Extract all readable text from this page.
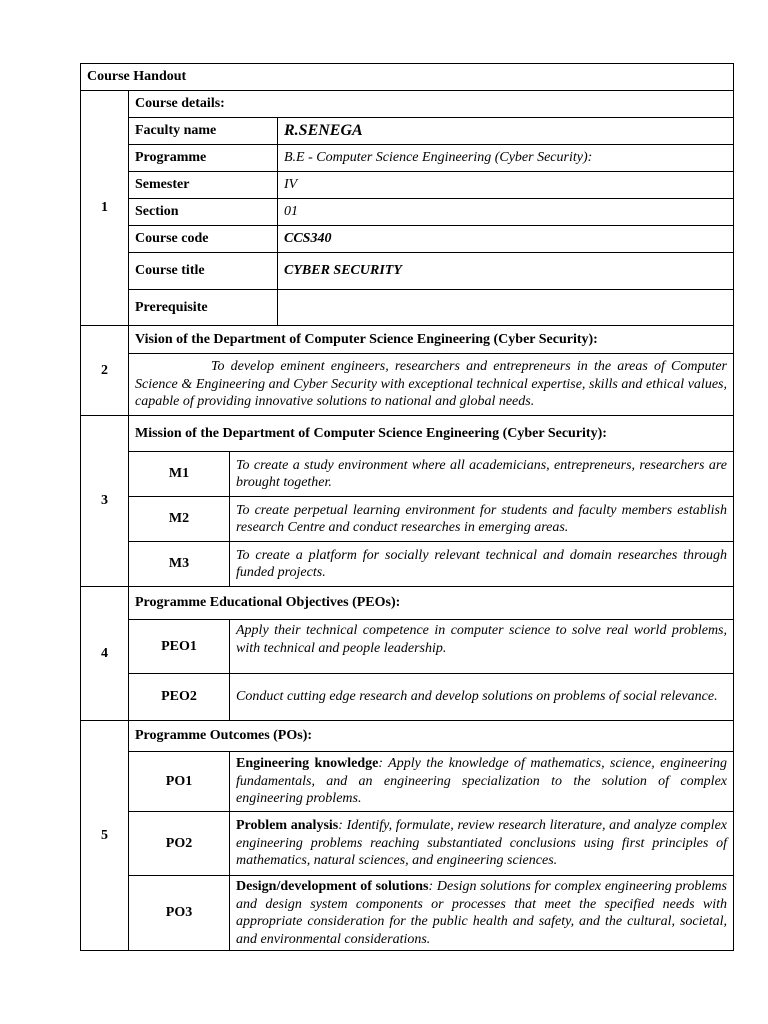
Course Handout			
1	Course details:		
	Faculty name		R.SENEGA
	Programme		B.E - Computer Science Engineering (Cyber Security):
	Semester		IV
	Section		01
	Course code		CCS340
	Course title		CYBER SECURITY
	Prerequisite		
2	Vision of the Department of Computer Science Engineering (Cyber Security):		
	To develop eminent engineers, researchers and entrepreneurs in the areas of Computer Science & Engineering and Cyber Security with exceptional technical expertise, skills and ethical values, capable of providing innovative solutions to national and global needs.		
3	Mission of the Department of Computer Science Engineering (Cyber Security):		
	M1	To create a study environment where all academicians, entrepreneurs, researchers are brought together.	
	M2	To create perpetual learning environment for students and faculty members establish research Centre and conduct researches in emerging areas.	
	M3	To create a platform for socially relevant technical and domain researches through funded projects.	
4	Programme Educational Objectives (PEOs):		
	PEO1	Apply their technical competence in computer science to solve real world problems, with technical and people leadership.	
	PEO2	Conduct cutting edge research and develop solutions on problems of social relevance.	
5	Programme Outcomes (POs):		
	PO1	Engineering knowledge: Apply the knowledge of mathematics, science, engineering fundamentals, and an engineering specialization to the solution of complex engineering problems.	
	PO2	Problem analysis: Identify, formulate, review research literature, and analyze complex engineering problems reaching substantiated conclusions using first principles of mathematics, natural sciences, and engineering sciences.	
	PO3	Design/development of solutions: Design solutions for complex engineering problems and design system components or processes that meet the specified needs with appropriate consideration for the public health and safety, and the cultural, societal, and environmental considerations.	
